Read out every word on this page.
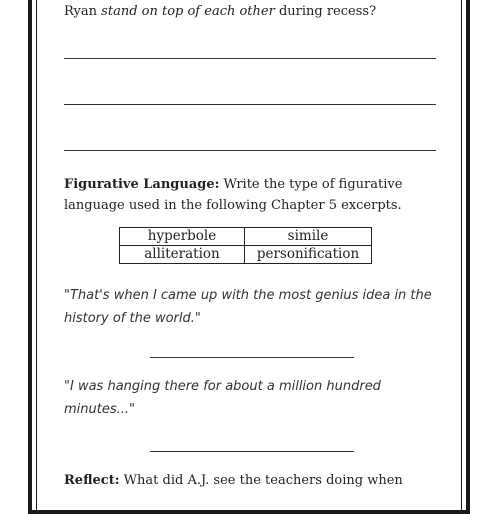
Ryan stand on top of each other during recess?
Figurative Language: Write the type of figurative language used in the following Chapter 5 excerpts.
hyperbole	simile
alliteration	personification
"That's when I came up with the most genius idea in the history of the world."
"I was hanging there for about a million hundred minutes..."
Reflect: What did A.J. see the teachers doing when
